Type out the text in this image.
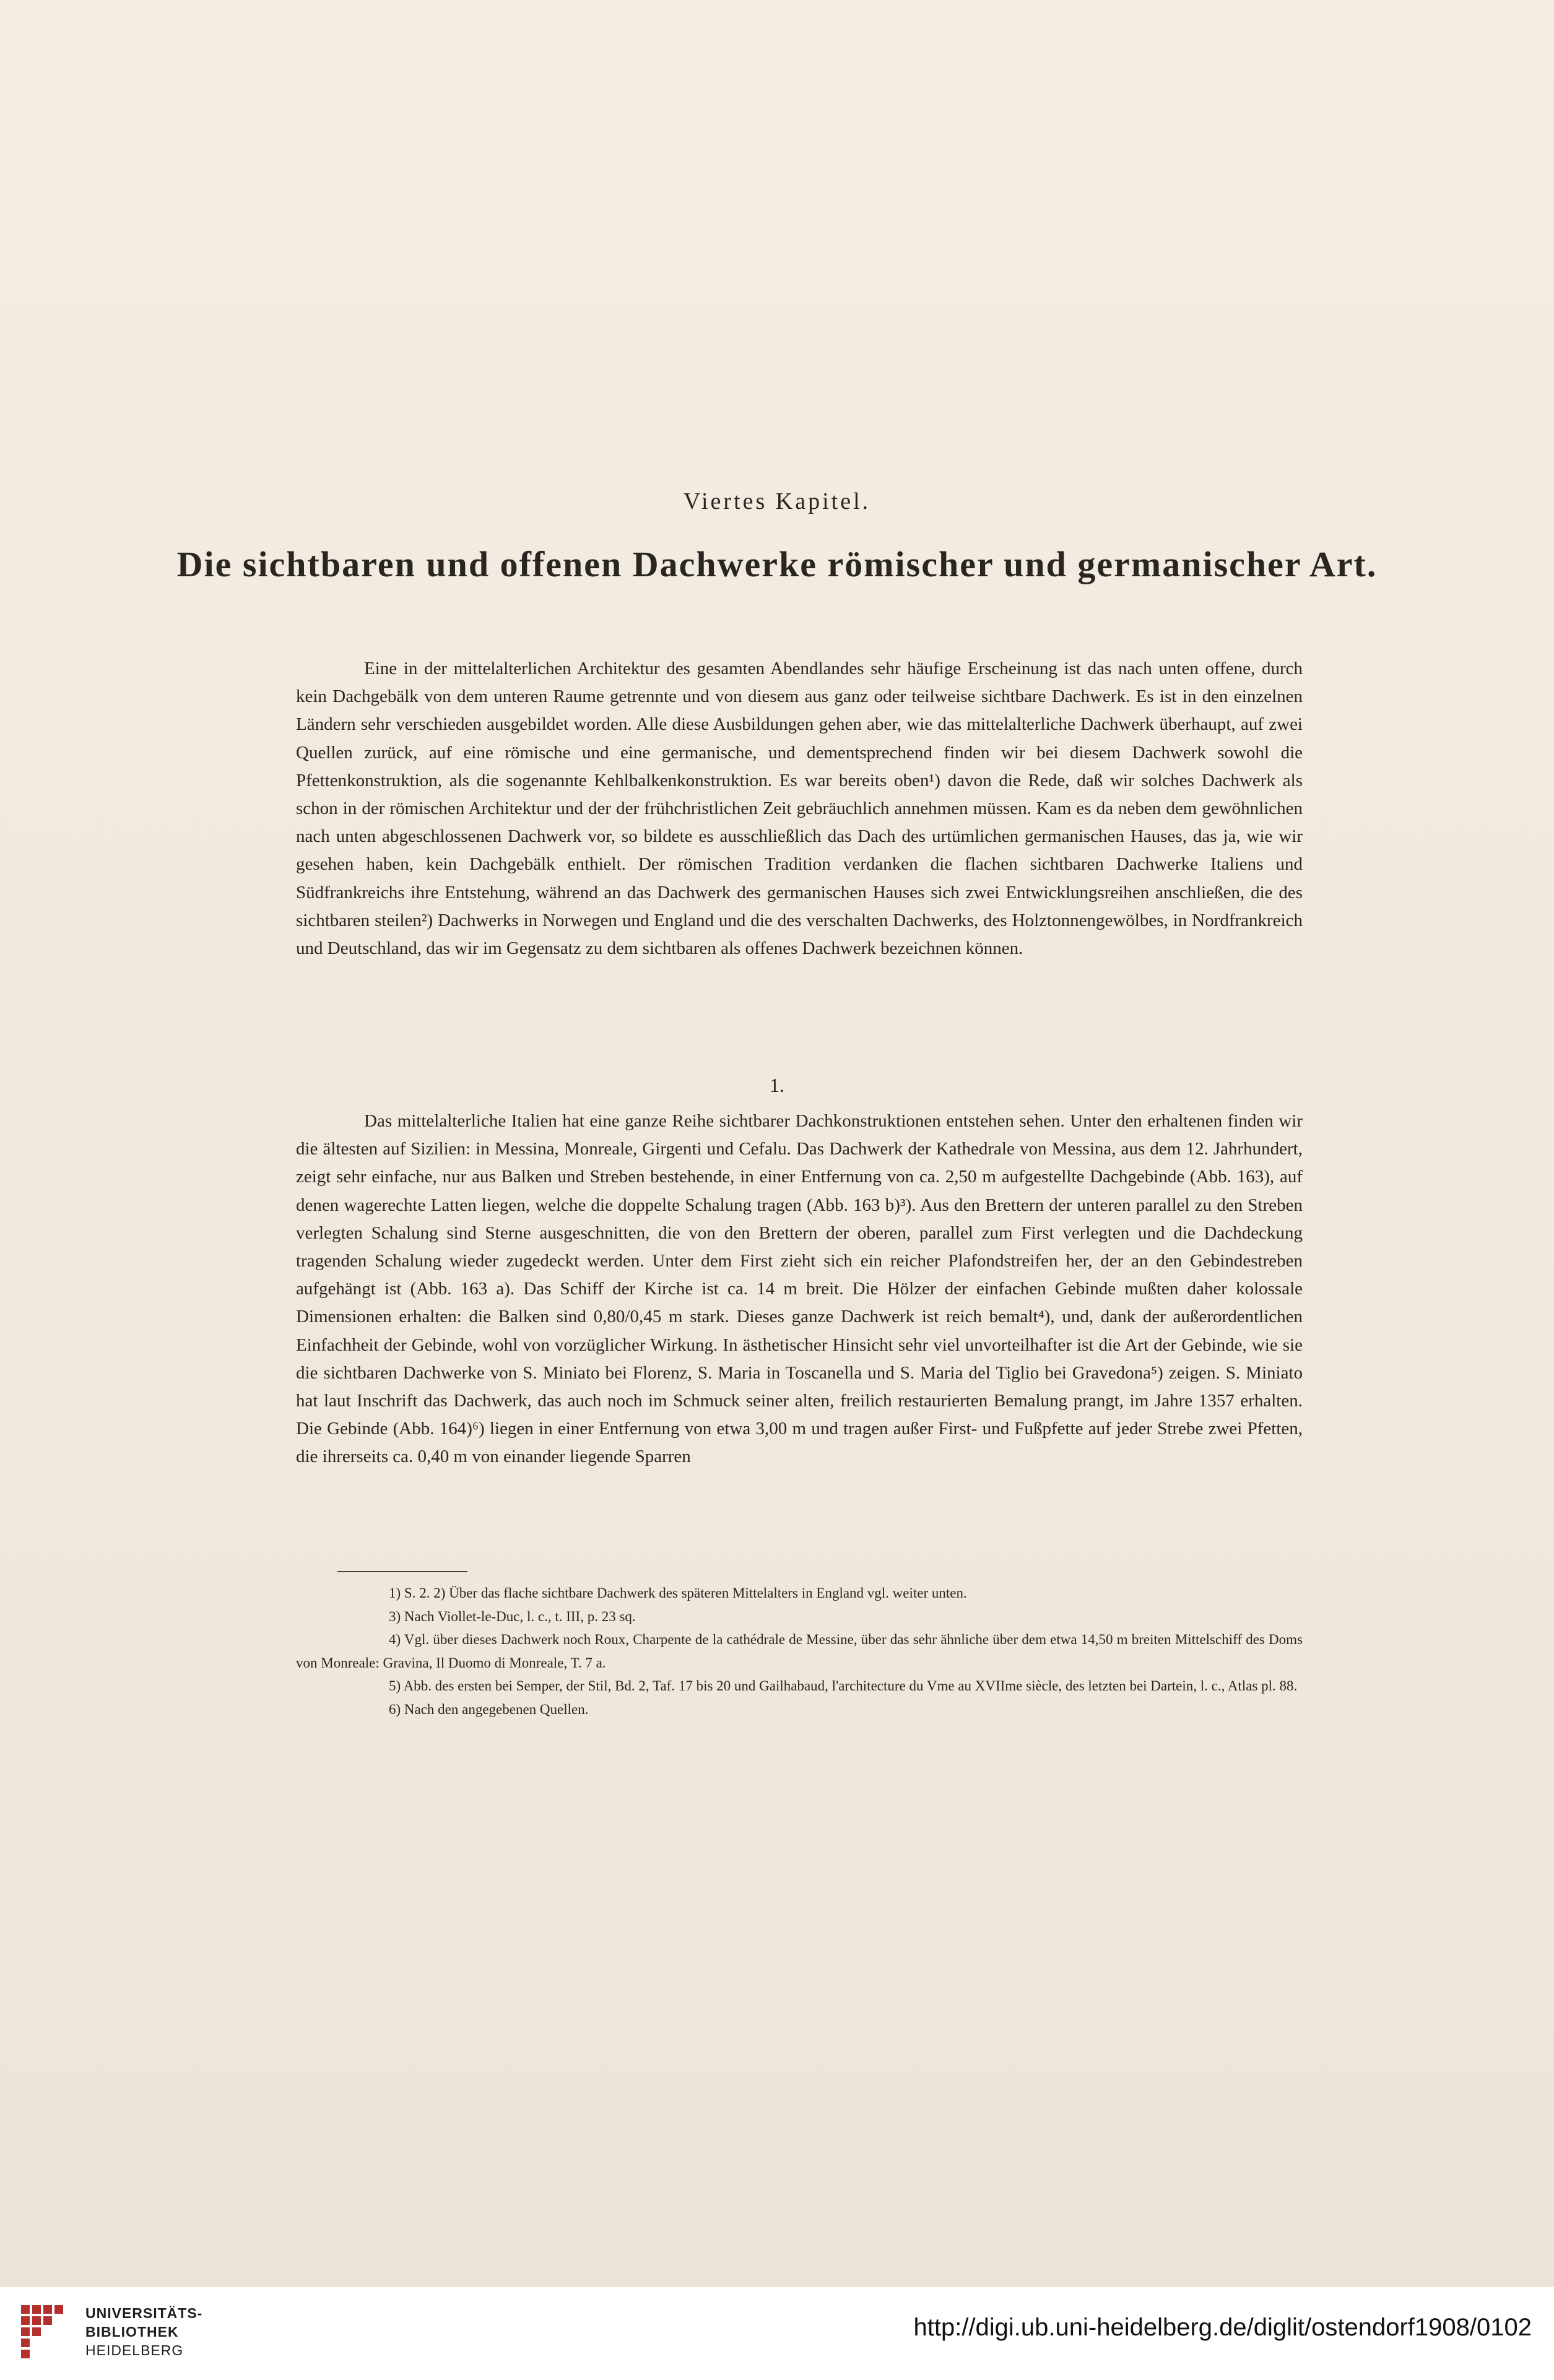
Viertes Kapitel.
Die sichtbaren und offenen Dachwerke römischer und germanischer Art.

Eine in der mittelalterlichen Architektur des gesamten Abendlandes sehr häufige Erscheinung ist das nach unten offene, durch kein Dachgebälk von dem unteren Raume getrennte und von diesem aus ganz oder teilweise sichtbare Dachwerk. Es ist in den einzelnen Ländern sehr verschieden ausgebildet worden. Alle diese Ausbildungen gehen aber, wie das mittelalterliche Dachwerk überhaupt, auf zwei Quellen zurück, auf eine römische und eine germanische, und dementsprechend finden wir bei diesem Dachwerk sowohl die Pfettenkonstruktion, als die sogenannte Kehlbalkenkonstruktion. Es war bereits oben¹) davon die Rede, daß wir solches Dachwerk als schon in der römischen Architektur und der der frühchristlichen Zeit gebräuchlich annehmen müssen. Kam es da neben dem gewöhnlichen nach unten abgeschlossenen Dachwerk vor, so bildete es ausschließlich das Dach des urtümlichen germanischen Hauses, das ja, wie wir gesehen haben, kein Dachgebälk enthielt. Der römischen Tradition verdanken die flachen sichtbaren Dachwerke Italiens und Südfrankreichs ihre Entstehung, während an das Dachwerk des germanischen Hauses sich zwei Entwicklungsreihen anschließen, die des sichtbaren steilen²) Dachwerks in Norwegen und England und die des verschalten Dachwerks, des Holztonnengewölbes, in Nordfrankreich und Deutschland, das wir im Gegensatz zu dem sichtbaren als offenes Dachwerk bezeichnen können.

1.

Das mittelalterliche Italien hat eine ganze Reihe sichtbarer Dachkonstruktionen entstehen sehen. Unter den erhaltenen finden wir die ältesten auf Sizilien: in Messina, Monreale, Girgenti und Cefalu. Das Dachwerk der Kathedrale von Messina, aus dem 12. Jahrhundert, zeigt sehr einfache, nur aus Balken und Streben bestehende, in einer Entfernung von ca. 2,50 m aufgestellte Dachgebinde (Abb. 163), auf denen wagerechte Latten liegen, welche die doppelte Schalung tragen (Abb. 163 b)³). Aus den Brettern der unteren parallel zu den Streben verlegten Schalung sind Sterne ausgeschnitten, die von den Brettern der oberen, parallel zum First verlegten und die Dachdeckung tragenden Schalung wieder zugedeckt werden. Unter dem First zieht sich ein reicher Plafondstreifen her, der an den Gebindestreben aufgehängt ist (Abb. 163 a). Das Schiff der Kirche ist ca. 14 m breit. Die Hölzer der einfachen Gebinde mußten daher kolossale Dimensionen erhalten: die Balken sind 0,80/0,45 m stark. Dieses ganze Dachwerk ist reich bemalt⁴), und, dank der außerordentlichen Einfachheit der Gebinde, wohl von vorzüglicher Wirkung. In ästhetischer Hinsicht sehr viel unvorteilhafter ist die Art der Gebinde, wie sie die sichtbaren Dachwerke von S. Miniato bei Florenz, S. Maria in Toscanella und S. Maria del Tiglio bei Gravedona⁵) zeigen. S. Miniato hat laut Inschrift das Dachwerk, das auch noch im Schmuck seiner alten, freilich restaurierten Bemalung prangt, im Jahre 1357 erhalten. Die Gebinde (Abb. 164)⁶) liegen in einer Entfernung von etwa 3,00 m und tragen außer First- und Fußpfette auf jeder Strebe zwei Pfetten, die ihrerseits ca. 0,40 m von einander liegende Sparren

1) S. 2. 2) Über das flache sichtbare Dachwerk des späteren Mittelalters in England vgl. weiter unten.

3) Nach Viollet-le-Duc, l. c., t. III, p. 23 sq.

4) Vgl. über dieses Dachwerk noch Roux, Charpente de la cathédrale de Messine, über das sehr ähnliche über dem etwa 14,50 m breiten Mittelschiff des Doms von Monreale: Gravina, Il Duomo di Monreale, T. 7 a.

5) Abb. des ersten bei Semper, der Stil, Bd. 2, Taf. 17 bis 20 und Gailhabaud, l'architecture du Vme au XVIIme siècle, des letzten bei Dartein, l. c., Atlas pl. 88.

6) Nach den angegebenen Quellen.

UNIVERSITÄTS-
BIBLIOTHEK
HEIDELBERG
http://digi.ub.uni-heidelberg.de/diglit/ostendorf1908/0102
